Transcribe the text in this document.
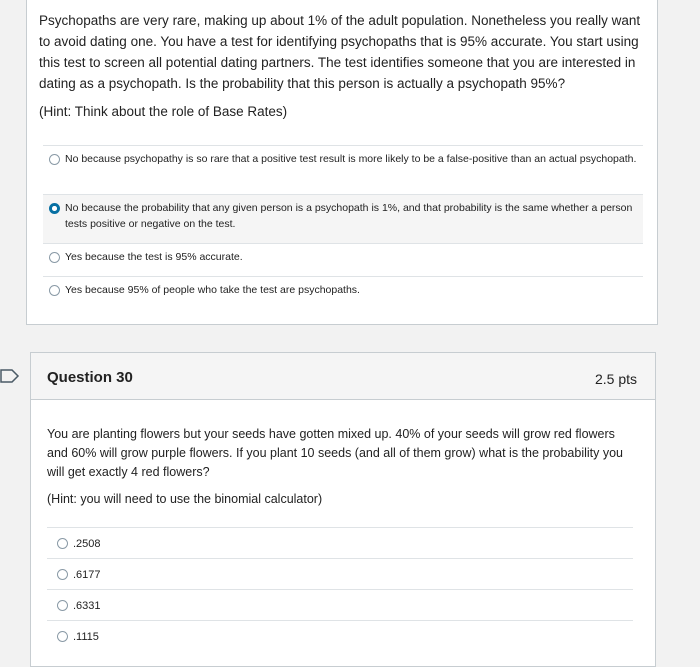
Psychopaths are very rare, making up about 1% of the adult population. Nonetheless you really want to avoid dating one. You have a test for identifying psychopaths that is 95% accurate. You start using this test to screen all potential dating partners. The test identifies someone that you are interested in dating as a psychopath. Is the probability that this person is actually a psychopath 95%?
(Hint: Think about the role of Base Rates)
No because psychopathy is so rare that a positive test result is more likely to be a false-positive than an actual psychopath.
No because the probability that any given person is a psychopath is 1%, and that probability is the same whether a person tests positive or negative on the test.
Yes because the test is 95% accurate.
Yes because 95% of people who take the test are psychopaths.
Question 30	2.5 pts
You are planting flowers but your seeds have gotten mixed up. 40% of your seeds will grow red flowers and 60% will grow purple flowers. If you plant 10 seeds (and all of them grow) what is the probability you will get exactly 4 red flowers?
(Hint: you will need to use the binomial calculator)
.2508
.6177
.6331
.1115
